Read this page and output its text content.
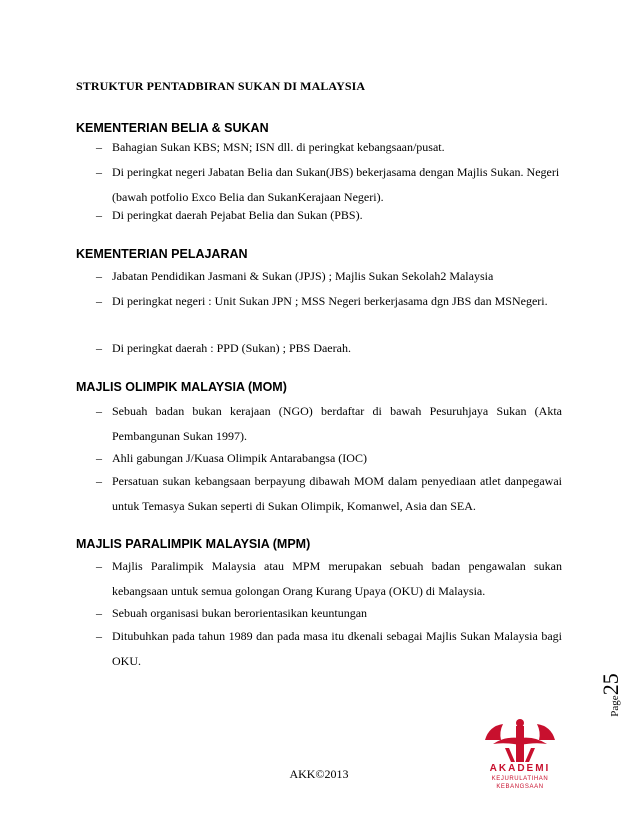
STRUKTUR PENTADBIRAN SUKAN DI MALAYSIA
KEMENTERIAN BELIA & SUKAN
– Bahagian Sukan KBS; MSN; ISN dll. di peringkat kebangsaan/pusat.
– Di peringkat negeri Jabatan Belia dan Sukan(JBS) bekerjasama dengan Majlis Sukan. Negeri (bawah potfolio Exco Belia dan SukanKerajaan Negeri).
– Di peringkat daerah Pejabat Belia dan Sukan (PBS).
KEMENTERIAN PELAJARAN
– Jabatan Pendidikan Jasmani & Sukan (JPJS) ; Majlis Sukan Sekolah2 Malaysia
– Di peringkat negeri : Unit Sukan JPN ; MSS Negeri berkerjasama dgn JBS dan MSNegeri.
– Di peringkat daerah : PPD (Sukan) ; PBS Daerah.
MAJLIS OLIMPIK MALAYSIA (MOM)
– Sebuah badan bukan kerajaan (NGO) berdaftar di bawah Pesuruhjaya Sukan (Akta Pembangunan Sukan 1997).
– Ahli gabungan J/Kuasa Olimpik Antarabangsa (IOC)
– Persatuan sukan kebangsaan berpayung dibawah MOM dalam penyediaan atlet danpegawai untuk Temasya Sukan seperti di Sukan Olimpik, Komanwel, Asia dan SEA.
MAJLIS PARALIMPIK MALAYSIA (MPM)
– Majlis Paralimpik Malaysia atau MPM merupakan sebuah badan pengawalan sukan kebangsaan untuk semua golongan Orang Kurang Upaya (OKU) di Malaysia.
– Sebuah organisasi bukan berorientasikan keuntungan
– Ditubuhkan pada tahun 1989 dan pada masa itu dkenali sebagai Majlis Sukan Malaysia bagi OKU.
Page25
AKADEMI
KEJURULATIHAN
KEBANGSAAN
AKK©2013
